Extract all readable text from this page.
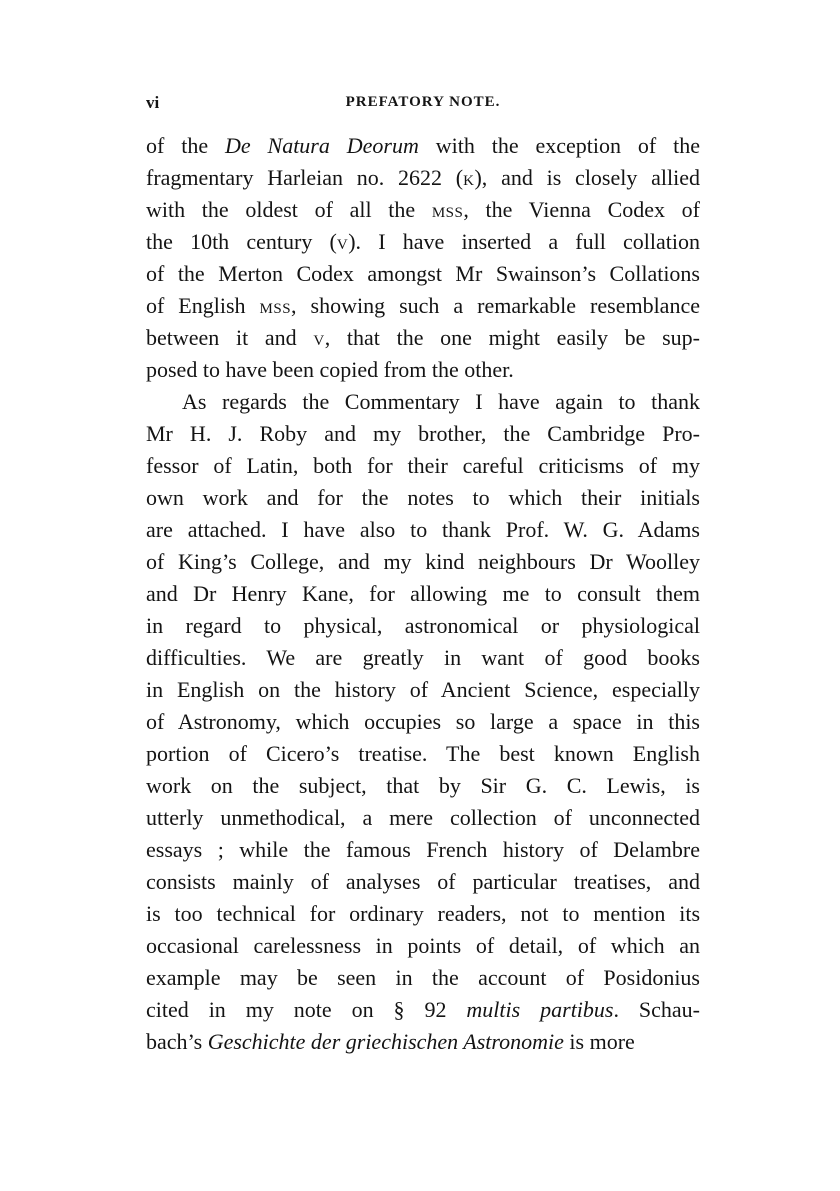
vi	PREFATORY NOTE.
of the De Natura Deorum with the exception of the
fragmentary Harleian no. 2622 (K), and is closely allied
with the oldest of all the MSS, the Vienna Codex of
the 10th century (V). I have inserted a full collation
of the Merton Codex amongst Mr Swainson’s Collations
of English MSS, showing such a remarkable resemblance
between it and V, that the one might easily be sup-
posed to have been copied from the other.
As regards the Commentary I have again to thank
Mr H. J. Roby and my brother, the Cambridge Pro-
fessor of Latin, both for their careful criticisms of my
own work and for the notes to which their initials
are attached. I have also to thank Prof. W. G. Adams
of King’s College, and my kind neighbours Dr Woolley
and Dr Henry Kane, for allowing me to consult them
in regard to physical, astronomical or physiological
difficulties. We are greatly in want of good books
in English on the history of Ancient Science, especially
of Astronomy, which occupies so large a space in this
portion of Cicero’s treatise. The best known English
work on the subject, that by Sir G. C. Lewis, is
utterly unmethodical, a mere collection of unconnected
essays ; while the famous French history of Delambre
consists mainly of analyses of particular treatises, and
is too technical for ordinary readers, not to mention its
occasional carelessness in points of detail, of which an
example may be seen in the account of Posidonius
cited in my note on § 92 multis partibus. Schau-
bach’s Geschichte der griechischen Astronomie is more
